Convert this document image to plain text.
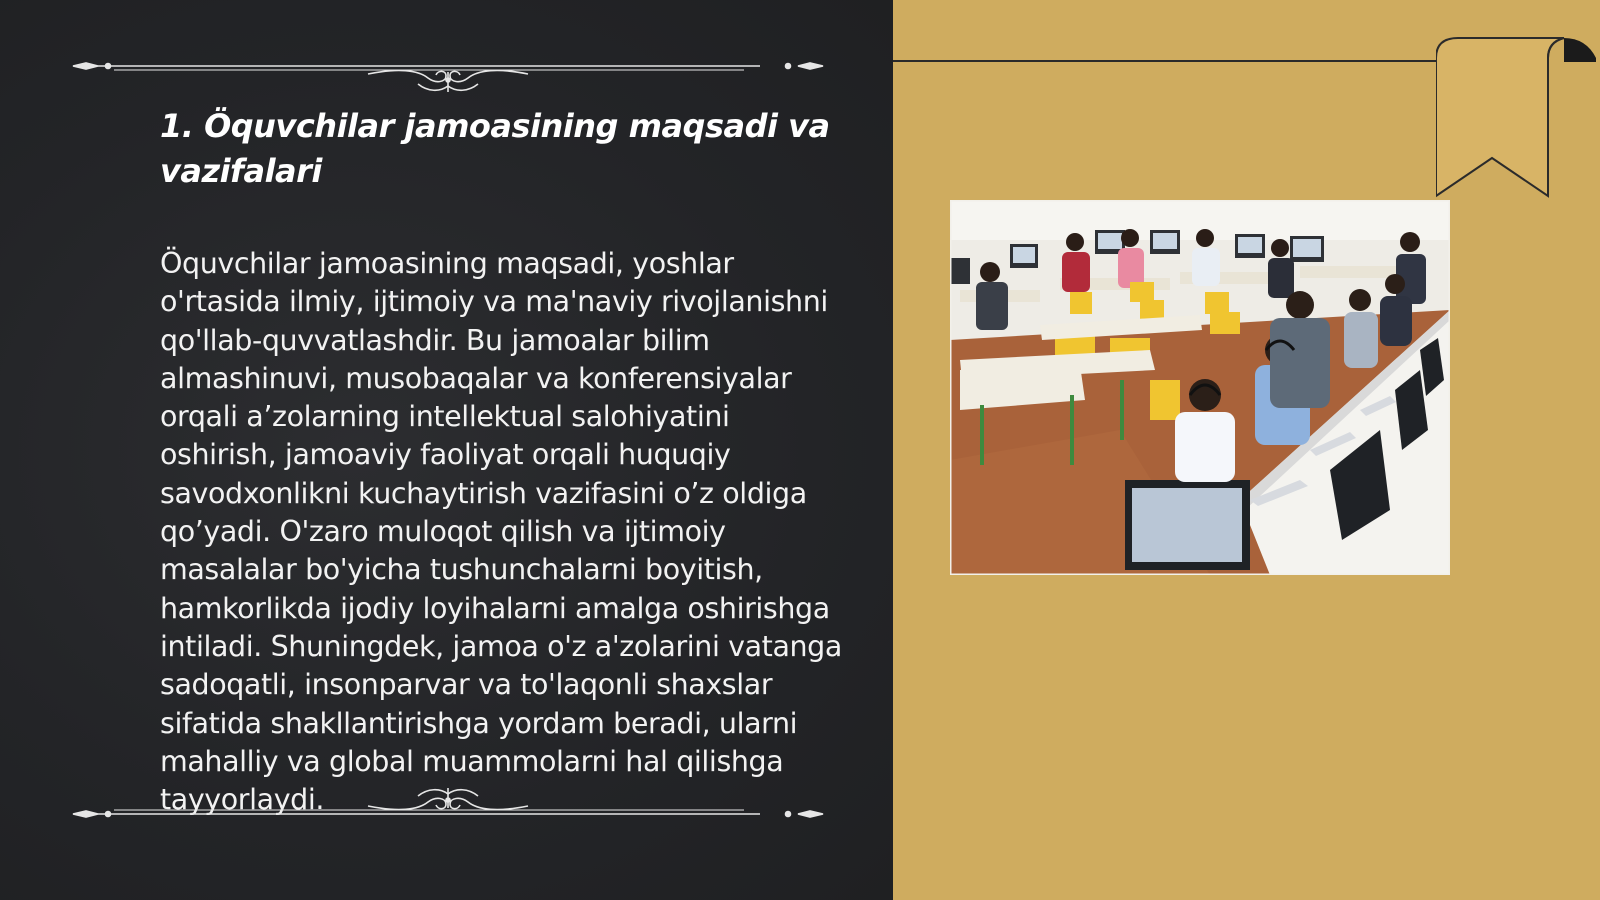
1. Öquvchilar jamoasining maqsadi va vazifalari

Öquvchilar jamoasining maqsadi, yoshlar o'rtasida ilmiy, ijtimoiy va ma'naviy rivojlanishni qo'llab-quvvatlashdir. Bu jamoalar bilim almashinuvi, musobaqalar va konferensiyalar orqali a’zolarning intellektual salohiyatini oshirish, jamoaviy faoliyat orqali huquqiy savodxonlikni kuchaytirish vazifasini o’z oldiga qo’yadi. O'zaro muloqot qilish va ijtimoiy masalalar bo'yicha tushunchalarni boyitish, hamkorlikda ijodiy loyihalarni amalga oshirishga intiladi. Shuningdek, jamoa o'z a'zolarini vatanga sadoqatli, insonparvar va to'laqonli shaxslar sifatida shakllantirishga yordam beradi, ularni mahalliy va global muammolarni hal qilishga tayyorlaydi.
